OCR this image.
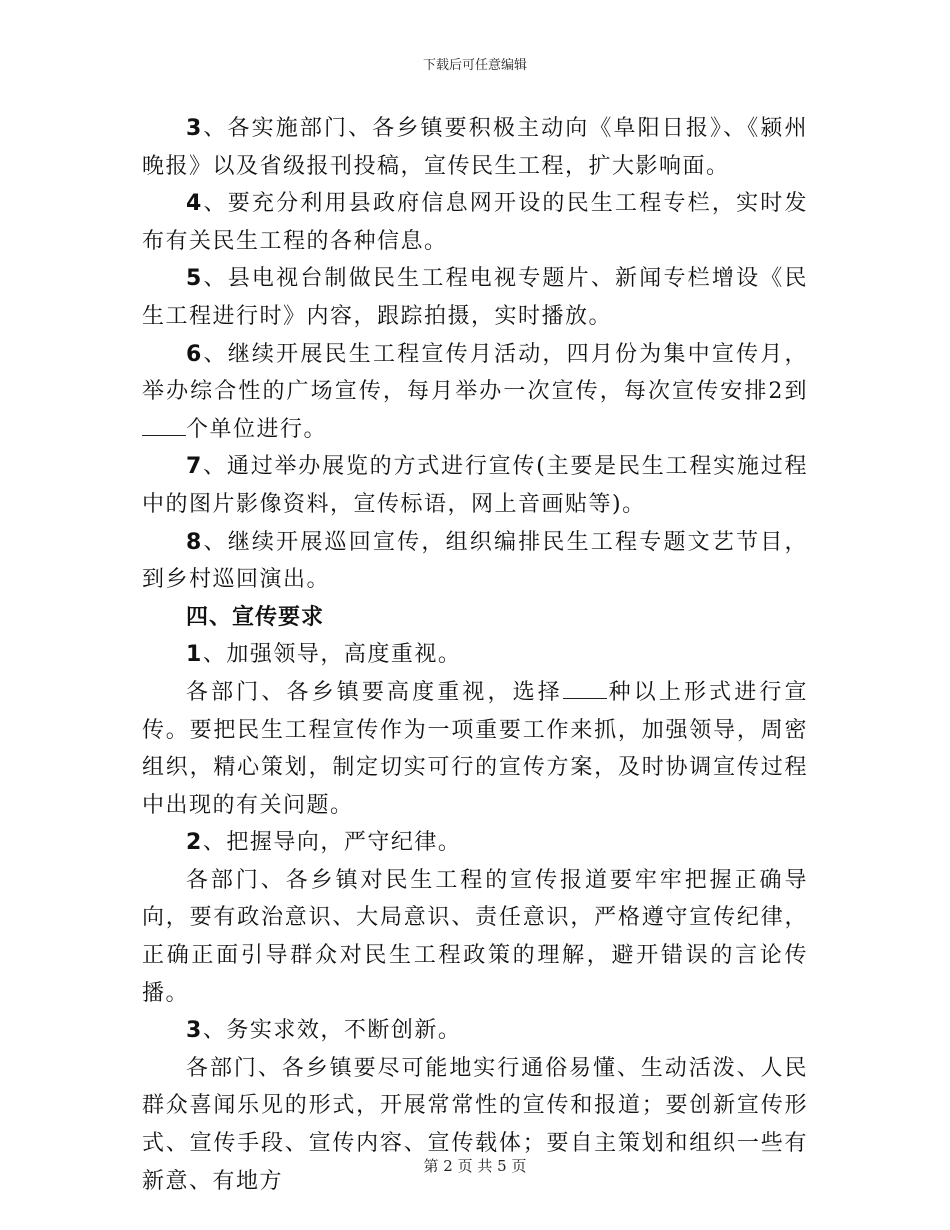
下载后可任意编辑

3、各实施部门、各乡镇要积极主动向《阜阳日报》、《颍州晚报》以及省级报刊投稿，宣传民生工程，扩大影响面。

4、要充分利用县政府信息网开设的民生工程专栏，实时发布有关民生工程的各种信息。

5、县电视台制做民生工程电视专题片、新闻专栏增设《民生工程进行时》内容，跟踪拍摄，实时播放。

6、继续开展民生工程宣传月活动，四月份为集中宣传月，举办综合性的广场宣传，每月举办一次宣传，每次宣传安排2到个单位进行。

7、通过举办展览的方式进行宣传(主要是民生工程实施过程中的图片影像资料，宣传标语，网上音画贴等)。

8、继续开展巡回宣传，组织编排民生工程专题文艺节目，到乡村巡回演出。

四、宣传要求

1、加强领导，高度重视。

各部门、各乡镇要高度重视，选择 种以上形式进行宣传。要把民生工程宣传作为一项重要工作来抓，加强领导，周密组织，精心策划，制定切实可行的宣传方案，及时协调宣传过程中出现的有关问题。

2、把握导向，严守纪律。

各部门、各乡镇对民生工程的宣传报道要牢牢把握正确导向，要有政治意识、大局意识、责任意识，严格遵守宣传纪律，正确正面引导群众对民生工程政策的理解，避开错误的言论传播。

3、务实求效，不断创新。

各部门、各乡镇要尽可能地实行通俗易懂、生动活泼、人民群众喜闻乐见的形式，开展常常性的宣传和报道；要创新宣传形式、宣传手段、宣传内容、宣传载体；要自主策划和组织一些有新意、有地方

第 2 页 共 5 页
